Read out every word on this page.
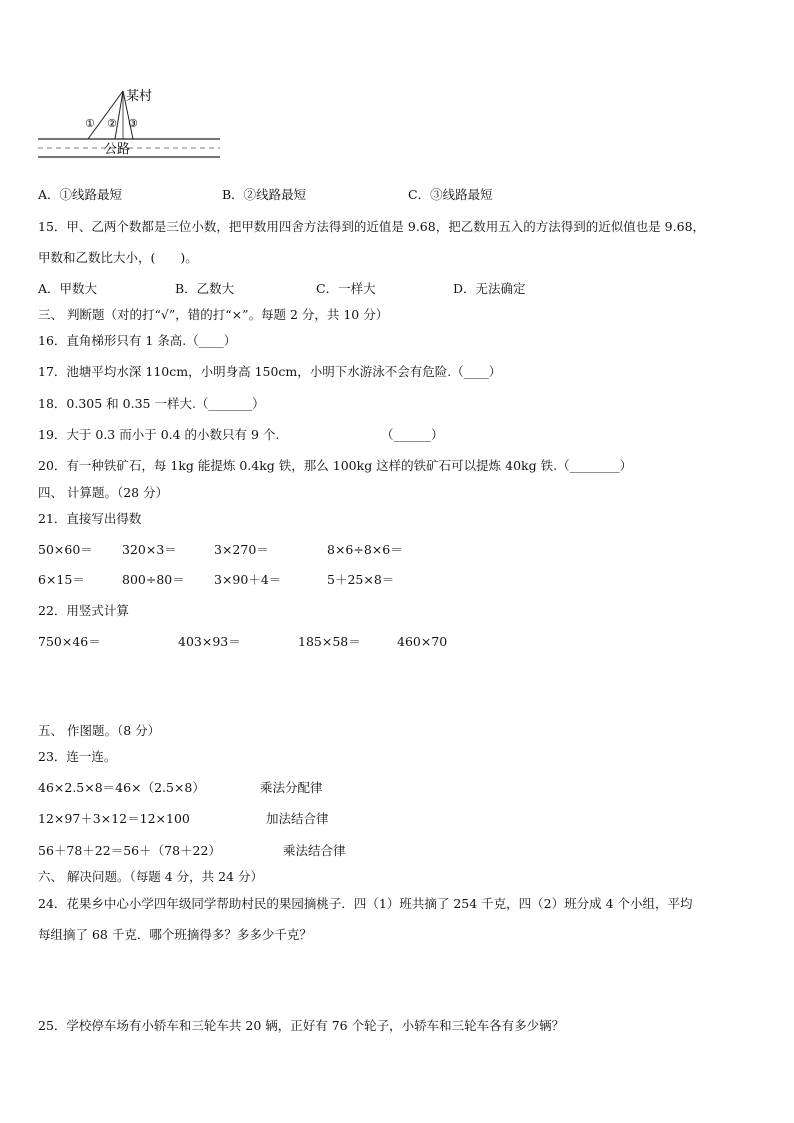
某村
公路
① ② ③
A．①线路最短	B．②线路最短	C．③线路最短
15．甲、乙两个数都是三位小数，把甲数用四舍方法得到的近值是 9.68，把乙数用五入的方法得到的近似值也是 9.68，
甲数和乙数比大小，(　　)。
A．甲数大	B．乙数大	C．一样大	D．无法确定
三、 判断题（对的打“√”，错的打“×”。每题 2 分，共 10 分）
16．直角梯形只有 1 条高.（____）
17．池塘平均水深 110cm，小明身高 150cm，小明下水游泳不会有危险.（____）
18．0.305 和 0.35 一样大.（_______）
19．大于 0.3 而小于 0.4 的小数只有 9 个.	（______）
20．有一种铁矿石，每 1kg 能提炼 0.4kg 铁，那么 100kg 这样的铁矿石可以提炼 40kg 铁.（________）
四、 计算题。（28 分）
21．直接写出得数
50×60＝ 320×3＝	3×270＝	8×6÷8×6＝
6×15＝	800÷80＝ 3×90＋4＝	5＋25×8＝
22．用竖式计算
750×46＝	403×93＝	185×58＝	460×70
五、 作图题。（8 分）
23．连一连。
46×2.5×8＝46×（2.5×8）	乘法分配律
12×97＋3×12＝12×100	加法结合律
56＋78＋22＝56＋（78＋22）	乘法结合律
六、 解决问题。（每题 4 分，共 24 分）
24．花果乡中心小学四年级同学帮助村民的果园摘桃子．四（1）班共摘了 254 千克，四（2）班分成 4 个小组，平均
每组摘了 68 千克．哪个班摘得多？多多少千克？
25．学校停车场有小轿车和三轮车共 20 辆，正好有 76 个轮子，小轿车和三轮车各有多少辆？
